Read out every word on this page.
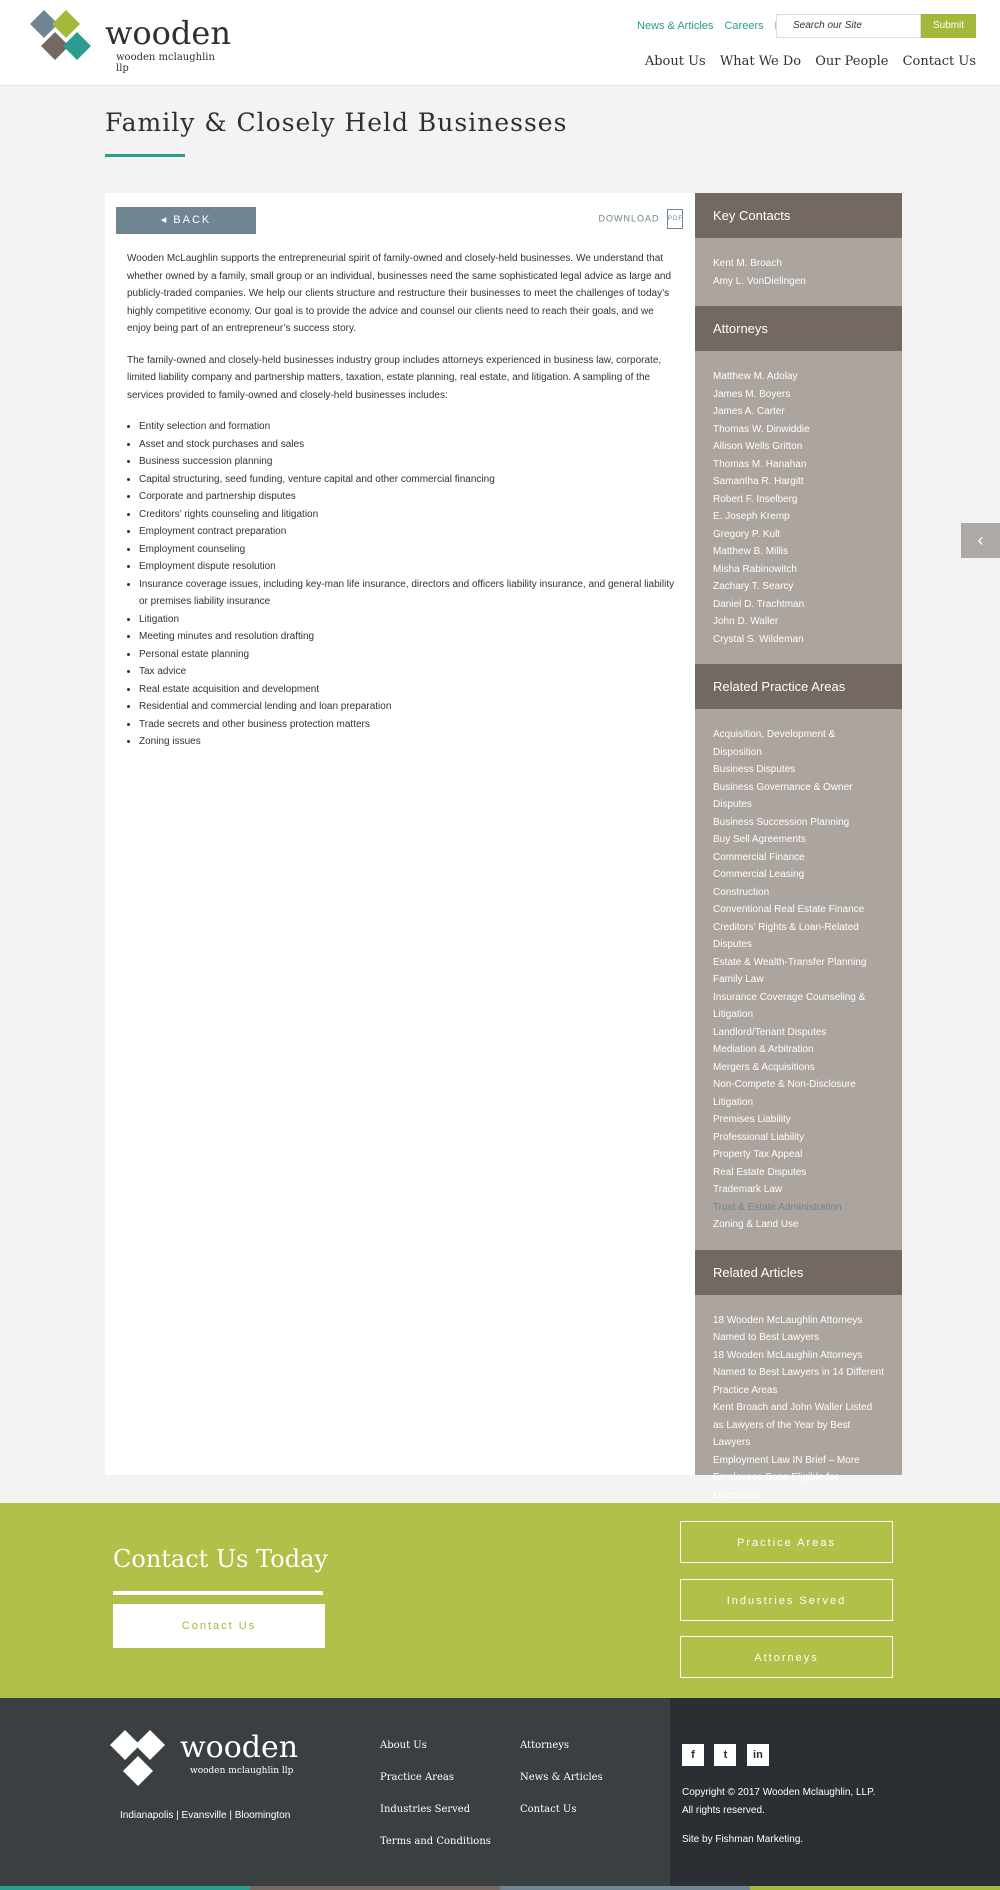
wooden
wooden mclaughlin llp
News & Articles Careers	Search our Site	Submit
About Us What We Do Our People Contact Us
Family & Closely Held Businesses
◂ BACK	DOWNLOAD PDF

Wooden McLaughlin supports the entrepreneurial spirit of family-owned and closely-held businesses. We understand that whether owned by a family, small group or an individual, businesses need the same sophisticated legal advice as large and publicly-traded companies. We help our clients structure and restructure their businesses to meet the challenges of today’s highly competitive economy. Our goal is to provide the advice and counsel our clients need to reach their goals, and we enjoy being part of an entrepreneur’s success story.

The family-owned and closely-held businesses industry group includes attorneys experienced in business law, corporate, limited liability company and partnership matters, taxation, estate planning, real estate, and litigation. A sampling of the services provided to family-owned and closely-held businesses includes:

• Entity selection and formation
• Asset and stock purchases and sales
• Business succession planning
• Capital structuring, seed funding, venture capital and other commercial financing
• Corporate and partnership disputes
• Creditors’ rights counseling and litigation
• Employment contract preparation
• Employment counseling
• Employment dispute resolution
• Insurance coverage issues, including key-man life insurance, directors and officers liability insurance, and general liability or premises liability insurance
• Litigation
• Meeting minutes and resolution drafting
• Personal estate planning
• Tax advice
• Real estate acquisition and development
• Residential and commercial lending and loan preparation
• Trade secrets and other business protection matters
• Zoning issues
Key Contacts
Kent M. Broach
Amy L. VonDielingen
Attorneys
Matthew M. Adolay
James M. Boyers
James A. Carter
Thomas W. Dinwiddie
Allison Wells Gritton
Thomas M. Hanahan
Samantha R. Hargitt
Robert F. Inselberg
E. Joseph Kremp
Gregory P. Kult
Matthew B. Millis
Misha Rabinowitch
Zachary T. Searcy
Daniel D. Trachtman
John D. Waller
Crystal S. Wildeman
Related Practice Areas
Acquisition, Development & Disposition
Business Disputes
Business Governance & Owner Disputes
Business Succession Planning
Buy Sell Agreements
Commercial Finance
Commercial Leasing
Construction
Conventional Real Estate Finance
Creditors’ Rights & Loan-Related Disputes
Estate & Wealth-Transfer Planning
Family Law
Insurance Coverage Counseling & Litigation
Landlord/Tenant Disputes
Mediation & Arbitration
Mergers & Acquisitions
Non-Compete & Non-Disclosure Litigation
Premises Liability
Professional Liability
Property Tax Appeal
Real Estate Disputes
Trademark Law
Trust & Estate Administration
Zoning & Land Use
Related Articles
18 Wooden McLaughlin Attorneys Named to Best Lawyers
18 Wooden McLaughlin Attorneys Named to Best Lawyers in 14 Different Practice Areas
Kent Broach and John Waller Listed as Lawyers of the Year by Best Lawyers
Employment Law IN Brief – More Employees Soon Eligible for Overtime?
‹
Contact Us Today
Contact Us
Practice Areas
Industries Served
Attorneys
wooden
wooden mclaughlin llp
Indianapolis | Evansville | Bloomington
About Us
Practice Areas
Industries Served
Terms and Conditions
Attorneys
News & Articles
Contact Us
f	t in
Copyright © 2017 Wooden Mclaughlin, LLP.
All rights reserved.
Site by Fishman Marketing.
